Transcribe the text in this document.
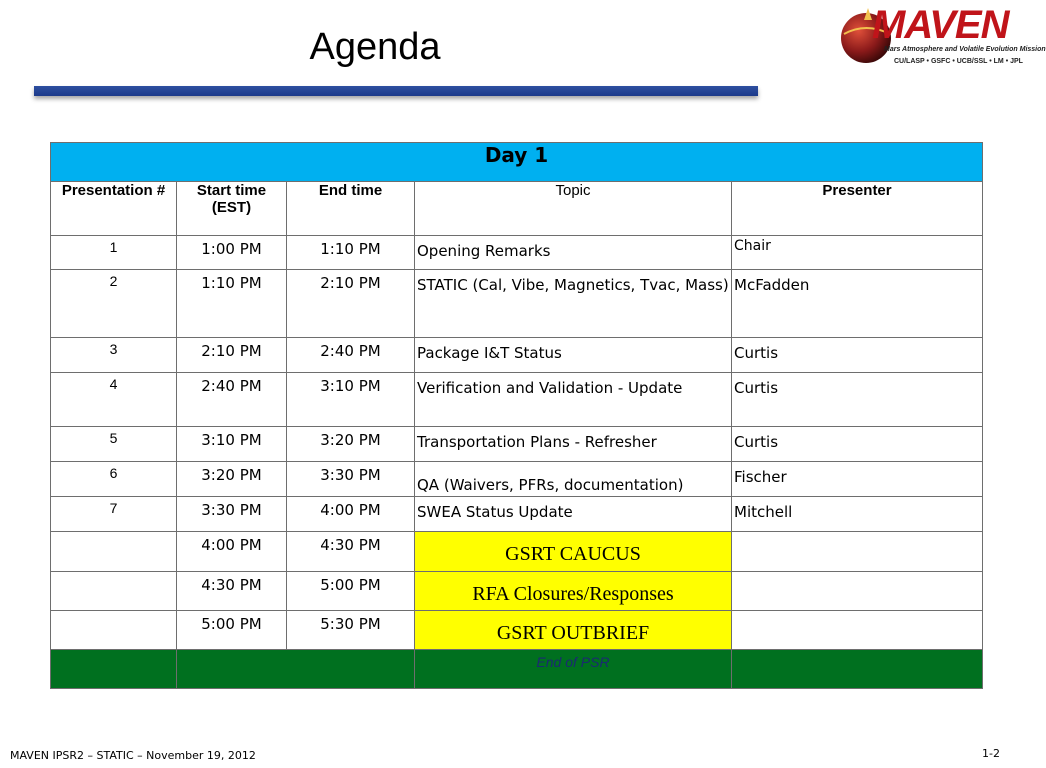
Agenda	MAVEN
Mars Atmosphere and Volatile Evolution Mission
CU/LASP • GSFC • UCB/SSL • LM • JPL
Day 1				
Presentation #	Start time (EST)	End time	Topic	Presenter
1	1:00 PM	1:10 PM	Opening Remarks	Chair
2	1:10 PM	2:10 PM	STATIC (Cal, Vibe, Magnetics, Tvac, Mass)	McFadden
3	2:10 PM	2:40 PM	Package I&T Status	Curtis
4	2:40 PM	3:10 PM	Verification and Validation - Update	Curtis
5	3:10 PM	3:20 PM	Transportation Plans - Refresher	Curtis
6	3:20 PM	3:30 PM	QA (Waivers, PFRs, documentation)	Fischer
7	3:30 PM	4:00 PM	SWEA Status Update	Mitchell
	4:00 PM	4:30 PM	GSRT CAUCUS	
	4:30 PM	5:00 PM	RFA Closures/Responses	
	5:00 PM	5:30 PM	GSRT OUTBRIEF	
			End of PSR	
MAVEN IPSR2 – STATIC – November 19, 2012	1-2
